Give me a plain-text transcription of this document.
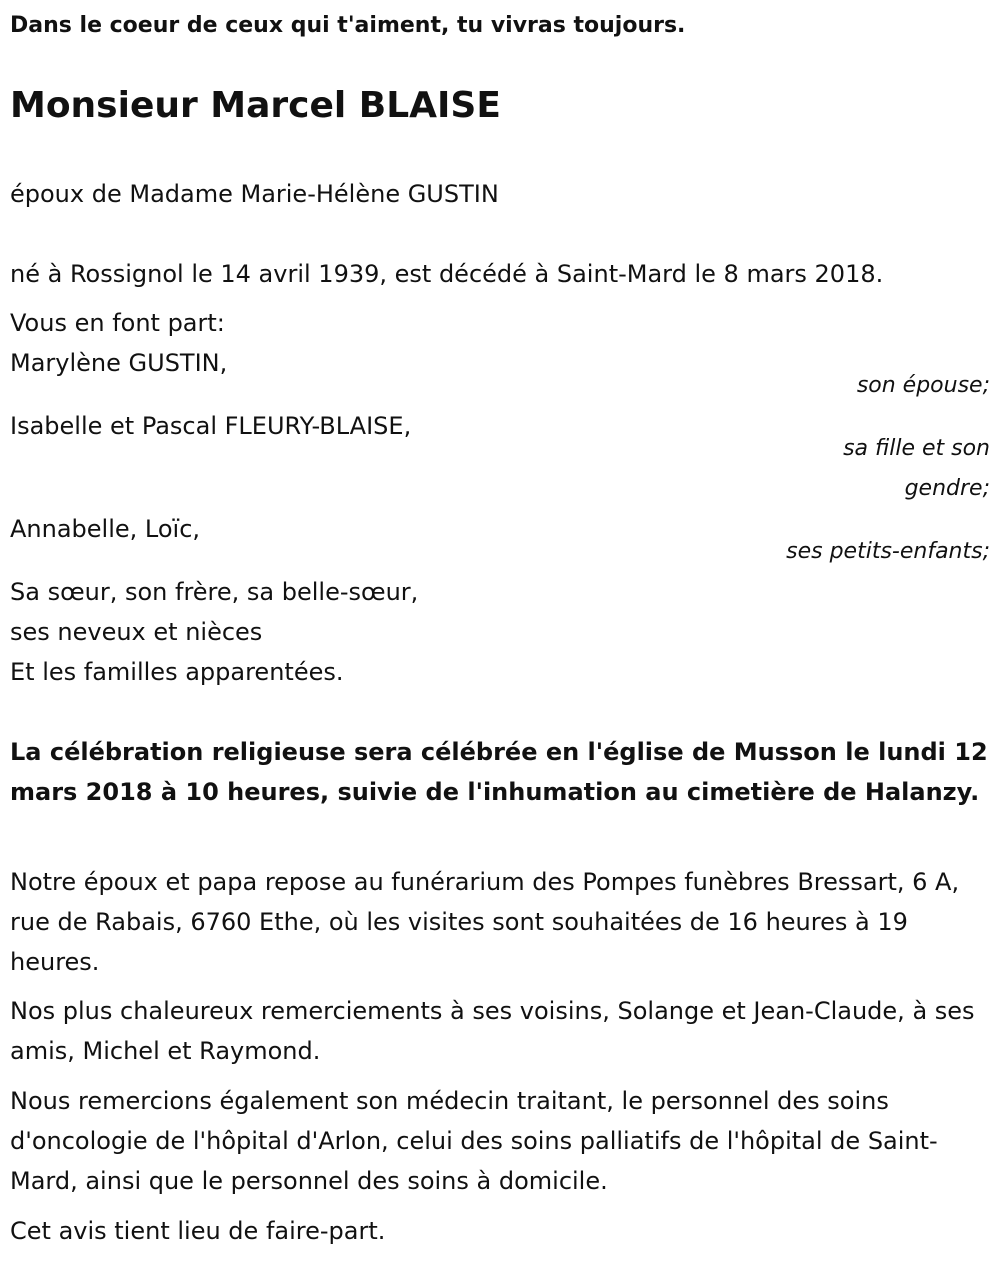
Dans le coeur de ceux qui t'aiment, tu vivras toujours.
Monsieur Marcel BLAISE
époux de Madame Marie-Hélène GUSTIN
né à Rossignol le 14 avril 1939, est décédé à Saint-Mard le 8 mars 2018.
Vous en font part:
Marylène GUSTIN,
son épouse;
Isabelle et Pascal FLEURY-BLAISE,
sa fille et son
gendre;
Annabelle, Loïc,
ses petits-enfants;
Sa sœur, son frère, sa belle-sœur,
ses neveux et nièces
Et les familles apparentées.
La célébration religieuse sera célébrée en l'église de Musson le lundi 12 mars 2018 à 10 heures, suivie de l'inhumation au cimetière de Halanzy.
Notre époux et papa repose au funérarium des Pompes funèbres Bressart, 6 A, rue de Rabais, 6760 Ethe, où les visites sont souhaitées de 16 heures à 19 heures.
Nos plus chaleureux remerciements à ses voisins, Solange et Jean-Claude, à ses amis, Michel et Raymond.
Nous remercions également son médecin traitant, le personnel des soins d'oncologie de l'hôpital d'Arlon, celui des soins palliatifs de l'hôpital de Saint-Mard, ainsi que le personnel des soins à domicile.
Cet avis tient lieu de faire-part.
